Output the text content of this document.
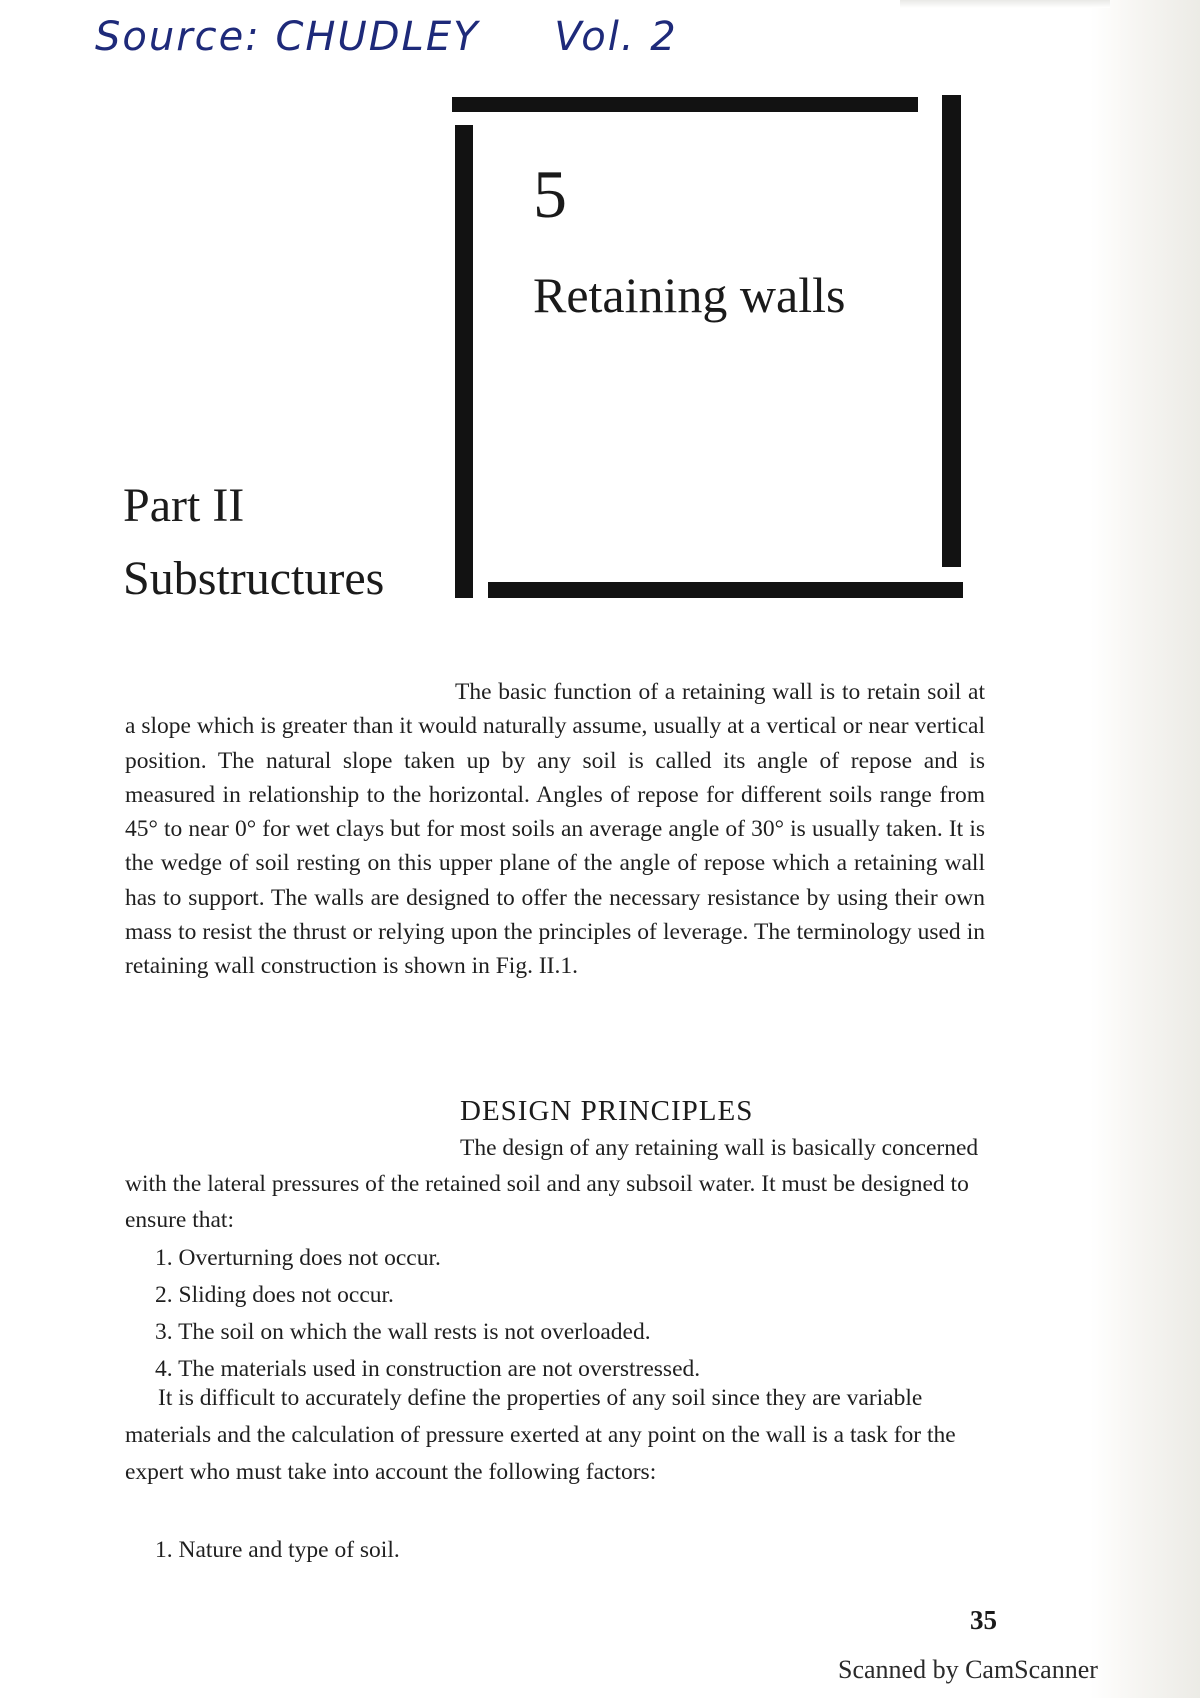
Source: CHUDLEY Vol. 2
5
Retaining walls
Part II
Substructures

The basic function of a retaining wall is to retain soil at a slope which is greater than it would naturally assume, usually at a vertical or near vertical position. The natural slope taken up by any soil is called its angle of repose and is measured in relationship to the horizontal. Angles of repose for different soils range from 45° to near 0° for wet clays but for most soils an average angle of 30° is usually taken. It is the wedge of soil resting on this upper plane of the angle of repose which a retaining wall has to support. The walls are designed to offer the necessary resistance by using their own mass to resist the thrust or relying upon the principles of leverage. The terminology used in retaining wall construction is shown in Fig. II.1.

DESIGN PRINCIPLES

The design of any retaining wall is basically concerned with the lateral pressures of the retained soil and any subsoil water. It must be designed to ensure that:

1. Overturning does not occur.
2. Sliding does not occur.
3. The soil on which the wall rests is not overloaded.
4. The materials used in construction are not overstressed.

It is difficult to accurately define the properties of any soil since they are variable materials and the calculation of pressure exerted at any point on the wall is a task for the expert who must take into account the following factors:

1. Nature and type of soil.
35
Scanned by CamScanner
